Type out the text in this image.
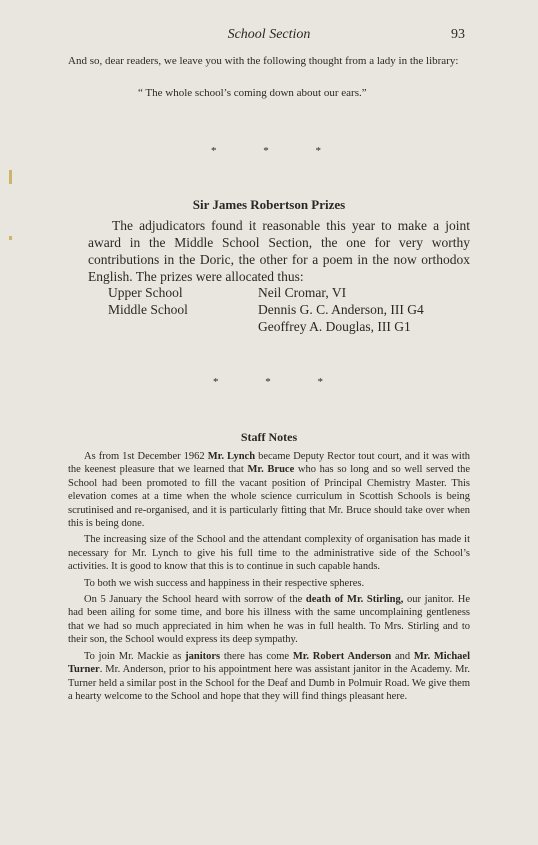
School Section	93
And so, dear readers, we leave you with the following thought from a lady in the library:
“ The whole school’s coming down about our ears.”
* * *
Sir James Robertson Prizes
The adjudicators found it reasonable this year to make a joint award in the Middle School Section, the one for very worthy contributions in the Doric, the other for a poem in the now orthodox English. The prizes were allocated thus:
Upper School	Neil Cromar, VI
Middle School	Dennis G. C. Anderson, III G4
Geoffrey A. Douglas, III G1
* * *
Staff Notes

As from 1st December 1962 Mr. Lynch became Deputy Rector tout court, and it was with the keenest pleasure that we learned that Mr. Bruce who has so long and so well served the School had been promoted to fill the vacant position of Principal Chemistry Master. This elevation comes at a time when the whole science curriculum in Scottish Schools is being scrutinised and re-organised, and it is particularly fitting that Mr. Bruce should take over when this is being done.

The increasing size of the School and the attendant complexity of organisation has made it necessary for Mr. Lynch to give his full time to the administrative side of the School’s activities. It is good to know that this is to continue in such capable hands.

To both we wish success and happiness in their respective spheres.

On 5 January the School heard with sorrow of the death of Mr. Stirling, our janitor. He had been ailing for some time, and bore his illness with the same uncomplaining gentleness that we had so much appreciated in him when he was in full health. To Mrs. Stirling and to their son, the School would express its deep sympathy.

To join Mr. Mackie as janitors there has come Mr. Robert Anderson and Mr. Michael Turner. Mr. Anderson, prior to his appointment here was assistant janitor in the Academy. Mr. Turner held a similar post in the School for the Deaf and Dumb in Polmuir Road. We give them a hearty welcome to the School and hope that they will find things pleasant here.
